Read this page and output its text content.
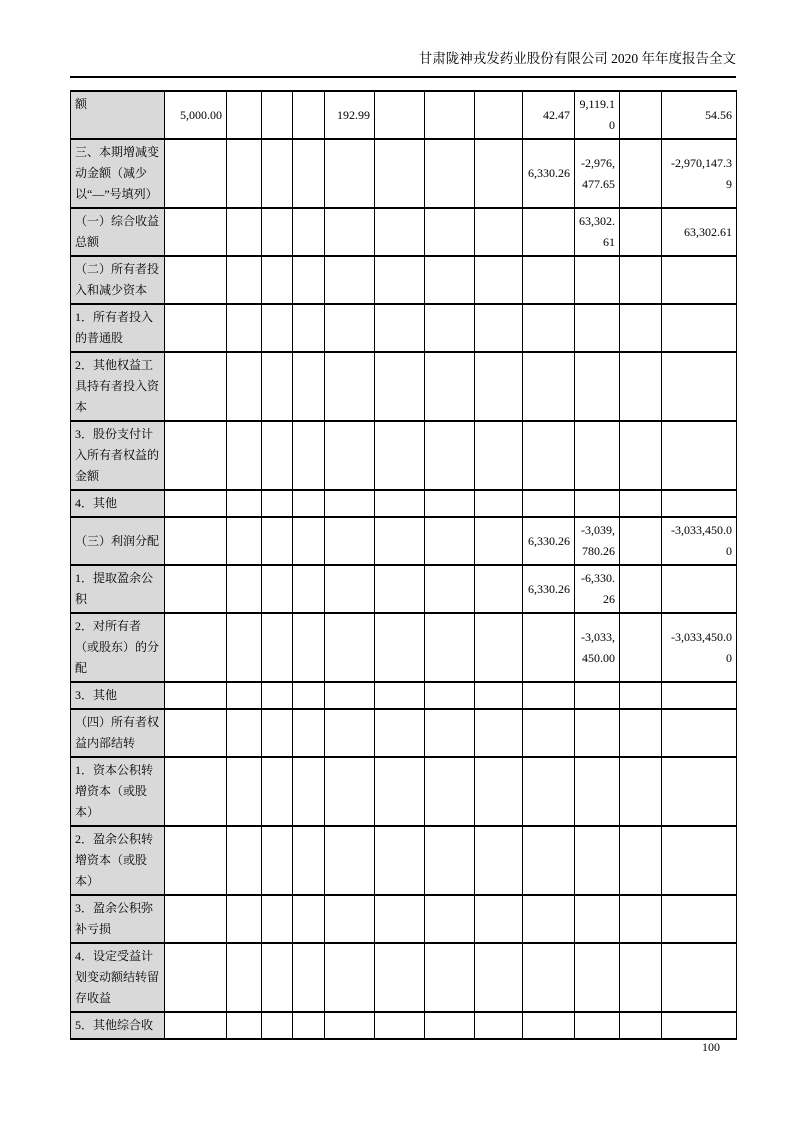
甘肃陇神戎发药业股份有限公司 2020 年年度报告全文
额	5,000.00				192.99				42.47	9,119.10		54.56
三、本期增减变动金额（减少以“—”号填列）									6,330.26	-2,976,477.65		-2,970,147.39
（一）综合收益总额										63,302.61		63,302.61
（二）所有者投入和减少资本												
1．所有者投入的普通股												
2．其他权益工具持有者投入资本												
3．股份支付计入所有者权益的金额												
4．其他												
（三）利润分配									6,330.26	-3,039,780.26		-3,033,450.00
1．提取盈余公积									6,330.26	-6,330.26		
2．对所有者（或股东）的分配										-3,033,450.00		-3,033,450.00
3．其他												
（四）所有者权益内部结转												
1．资本公积转增资本（或股本）												
2．盈余公积转增资本（或股本）												
3．盈余公积弥补亏损												
4．设定受益计划变动额结转留存收益												
5．其他综合收												
100
